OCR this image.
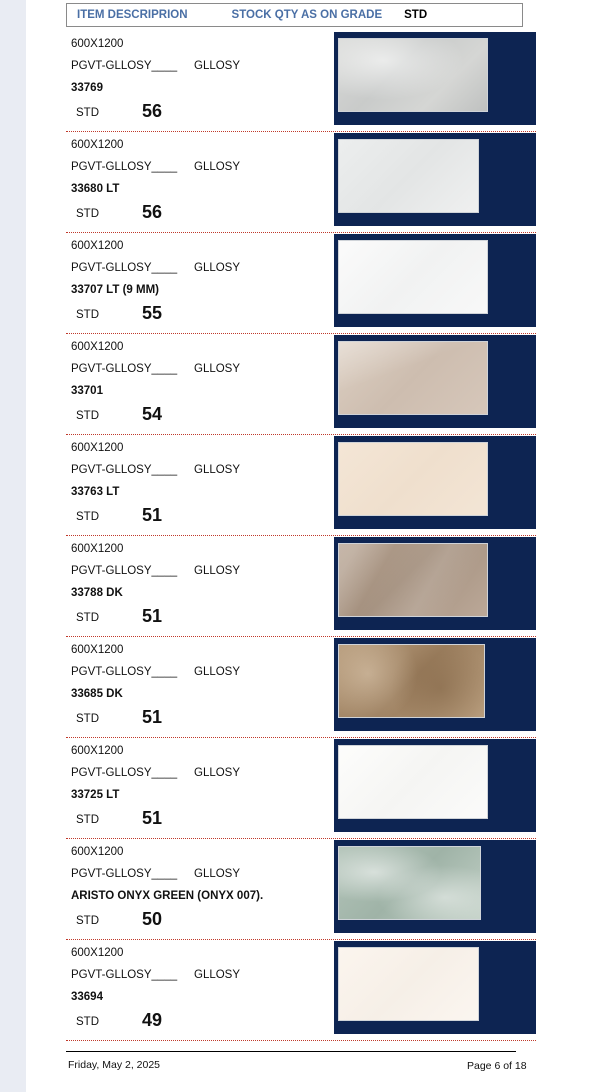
ITEM DESCRIPRION	STOCK QTY AS ON GRADE STD
600X1200
PGVT-GLLOSY____ GLLOSY
33769
STD 56
600X1200
PGVT-GLLOSY____ GLLOSY
33680 LT
STD 56
600X1200
PGVT-GLLOSY____ GLLOSY
33707 LT (9 MM)
STD 55
600X1200
PGVT-GLLOSY____ GLLOSY
33701
STD 54
600X1200
PGVT-GLLOSY____ GLLOSY
33763 LT
STD 51
600X1200
PGVT-GLLOSY____ GLLOSY
33788 DK
STD 51
600X1200
PGVT-GLLOSY____ GLLOSY
33685 DK
STD 51
600X1200
PGVT-GLLOSY____ GLLOSY
33725 LT
STD 51
600X1200
PGVT-GLLOSY____ GLLOSY
ARISTO ONYX GREEN (ONYX 007).
STD 50
600X1200
PGVT-GLLOSY____ GLLOSY
33694
STD 49
Friday, May 2, 2025	Page 6 of 18
